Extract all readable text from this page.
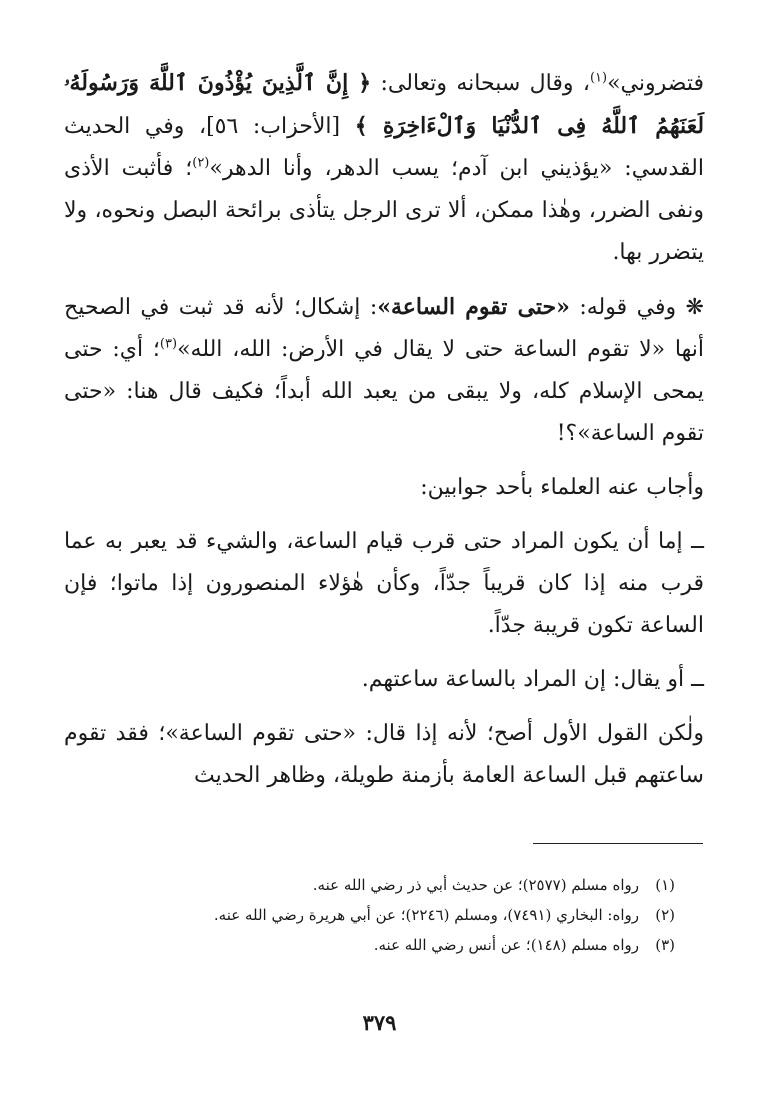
فتضروني»$^{(١)}$، وقال سبحانه وتعالى: ﴿ إِنَّ ٱلَّذِينَ يُؤْذُونَ ٱللَّهَ وَرَسُولَهُۥ لَعَنَهُمُ ٱللَّهُ فِى ٱلدُّنْيَا وَٱلْءَاخِرَةِ ﴾ [الأحزاب: ٥٦]، وفي الحديث القدسي: «يؤذيني ابن آدم؛ يسب الدهر، وأنا الدهر»$^{(٢)}$؛ فأثبت الأذى ونفى الضرر، وهٰذا ممكن، ألا ترى الرجل يتأذى برائحة البصل ونحوه، ولا يتضرر بها.

❋ وفي قوله: «حتى تقوم الساعة»: إشكال؛ لأنه قد ثبت في الصحيح أنها «لا تقوم الساعة حتى لا يقال في الأرض: الله، الله»$^{(٣)}$؛ أي: حتى يمحى الإسلام كله، ولا يبقى من يعبد الله أبداً؛ فكيف قال هنا: «حتى تقوم الساعة»؟!

وأجاب عنه العلماء بأحد جوابين:

ــ إما أن يكون المراد حتى قرب قيام الساعة، والشيء قد يعبر به عما قرب منه إذا كان قريباً جدّاً، وكأن هٰؤلاء المنصورون إذا ماتوا؛ فإن الساعة تكون قريبة جدّاً.

ــ أو يقال: إن المراد بالساعة ساعتهم.

ولٰكن القول الأول أصح؛ لأنه إذا قال: «حتى تقوم الساعة»؛ فقد تقوم ساعتهم قبل الساعة العامة بأزمنة طويلة، وظاهر الحديث

(١)
رواه مسلم (٢٥٧٧)؛ عن حديث أبي ذر رضي الله عنه.

(٢)
رواه: البخاري (٧٤٩١)، ومسلم (٢٢٤٦)؛ عن أبي هريرة رضي الله عنه.

(٣)
رواه مسلم (١٤٨)؛ عن أنس رضي الله عنه.

٣٧٩
